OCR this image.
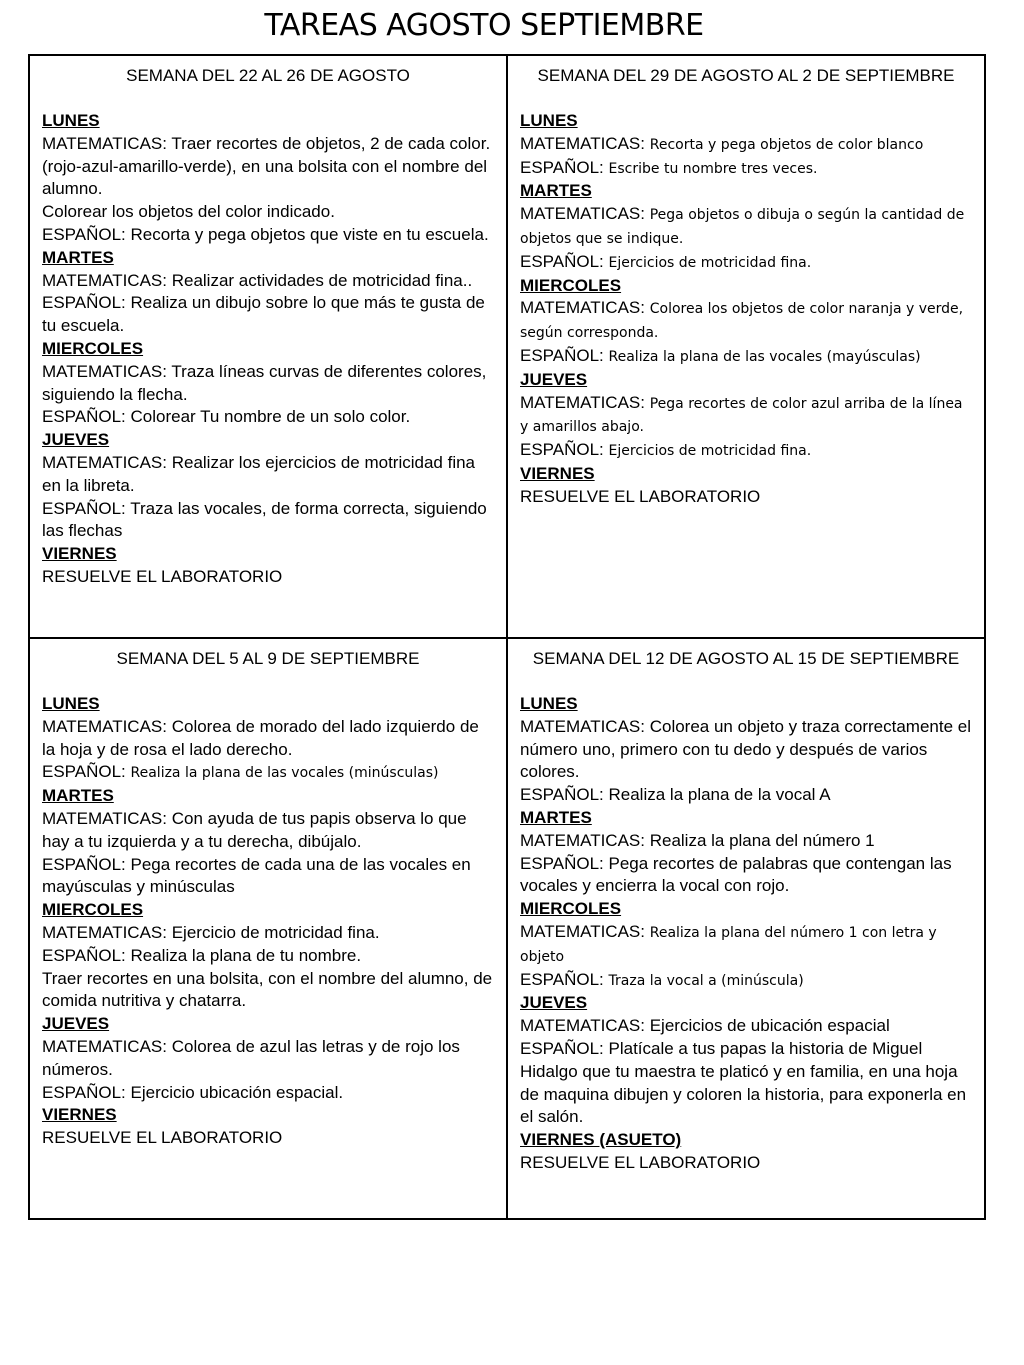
TAREAS AGOSTO SEPTIEMBRE
SEMANA DEL 22 AL 26 DE AGOSTO
LUNES
MATEMATICAS: Traer recortes de objetos, 2 de cada color. (rojo-azul-amarillo-verde), en una bolsita con el nombre del alumno.
Colorear los objetos del color indicado.
ESPAÑOL: Recorta y pega objetos que viste en tu escuela.
MARTES
MATEMATICAS: Realizar actividades de motricidad fina..
ESPAÑOL: Realiza un dibujo sobre lo que más te gusta de tu escuela.
MIERCOLES
MATEMATICAS: Traza líneas curvas de diferentes colores, siguiendo la flecha.
ESPAÑOL: Colorear Tu nombre de un solo color.
JUEVES
MATEMATICAS: Realizar los ejercicios de motricidad fina en la libreta.
ESPAÑOL: Traza las vocales, de forma correcta, siguiendo las flechas
VIERNES
RESUELVE EL LABORATORIO
SEMANA DEL 29 DE AGOSTO AL 2 DE SEPTIEMBRE
LUNES
MATEMATICAS: Recorta y pega objetos de color blanco
ESPAÑOL: Escribe tu nombre tres veces.
MARTES
MATEMATICAS: Pega objetos o dibuja o según la cantidad de objetos que se indique.
ESPAÑOL: Ejercicios de motricidad fina.
MIERCOLES
MATEMATICAS: Colorea los objetos de color naranja y verde, según corresponda.
ESPAÑOL: Realiza la plana de las vocales (mayúsculas)
JUEVES
MATEMATICAS: Pega recortes de color azul arriba de la línea y amarillos abajo.
ESPAÑOL: Ejercicios de motricidad fina.
VIERNES
RESUELVE EL LABORATORIO
SEMANA DEL 5 AL 9 DE SEPTIEMBRE
LUNES
MATEMATICAS: Colorea de morado del lado izquierdo de la hoja y de rosa el lado derecho.
ESPAÑOL: Realiza la plana de las vocales (minúsculas)
MARTES
MATEMATICAS: Con ayuda de tus papis observa lo que hay a tu izquierda y a tu derecha, dibújalo.
ESPAÑOL: Pega recortes de cada una de las vocales en mayúsculas y minúsculas
MIERCOLES
MATEMATICAS: Ejercicio de motricidad fina.
ESPAÑOL: Realiza la plana de tu nombre.
Traer recortes en una bolsita, con el nombre del alumno, de comida nutritiva y chatarra.
JUEVES
MATEMATICAS: Colorea de azul las letras y de rojo los números.
ESPAÑOL: Ejercicio ubicación espacial.
VIERNES
RESUELVE EL LABORATORIO
SEMANA DEL 12 DE AGOSTO AL 15 DE SEPTIEMBRE
LUNES
MATEMATICAS: Colorea un objeto y traza correctamente el número uno, primero con tu dedo y después de varios colores.
ESPAÑOL: Realiza la plana de la vocal A
MARTES
MATEMATICAS: Realiza la plana del número 1
ESPAÑOL: Pega recortes de palabras que contengan las vocales y encierra la vocal con rojo.
MIERCOLES
MATEMATICAS: Realiza la plana del número 1 con letra y objeto
ESPAÑOL: Traza la vocal a (minúscula)
JUEVES
MATEMATICAS: Ejercicios de ubicación espacial
ESPAÑOL: Platícale a tus papas la historia de Miguel Hidalgo que tu maestra te platicó y en familia, en una hoja de maquina dibujen y coloren la historia, para exponerla en el salón.
VIERNES (ASUETO)
RESUELVE EL LABORATORIO
